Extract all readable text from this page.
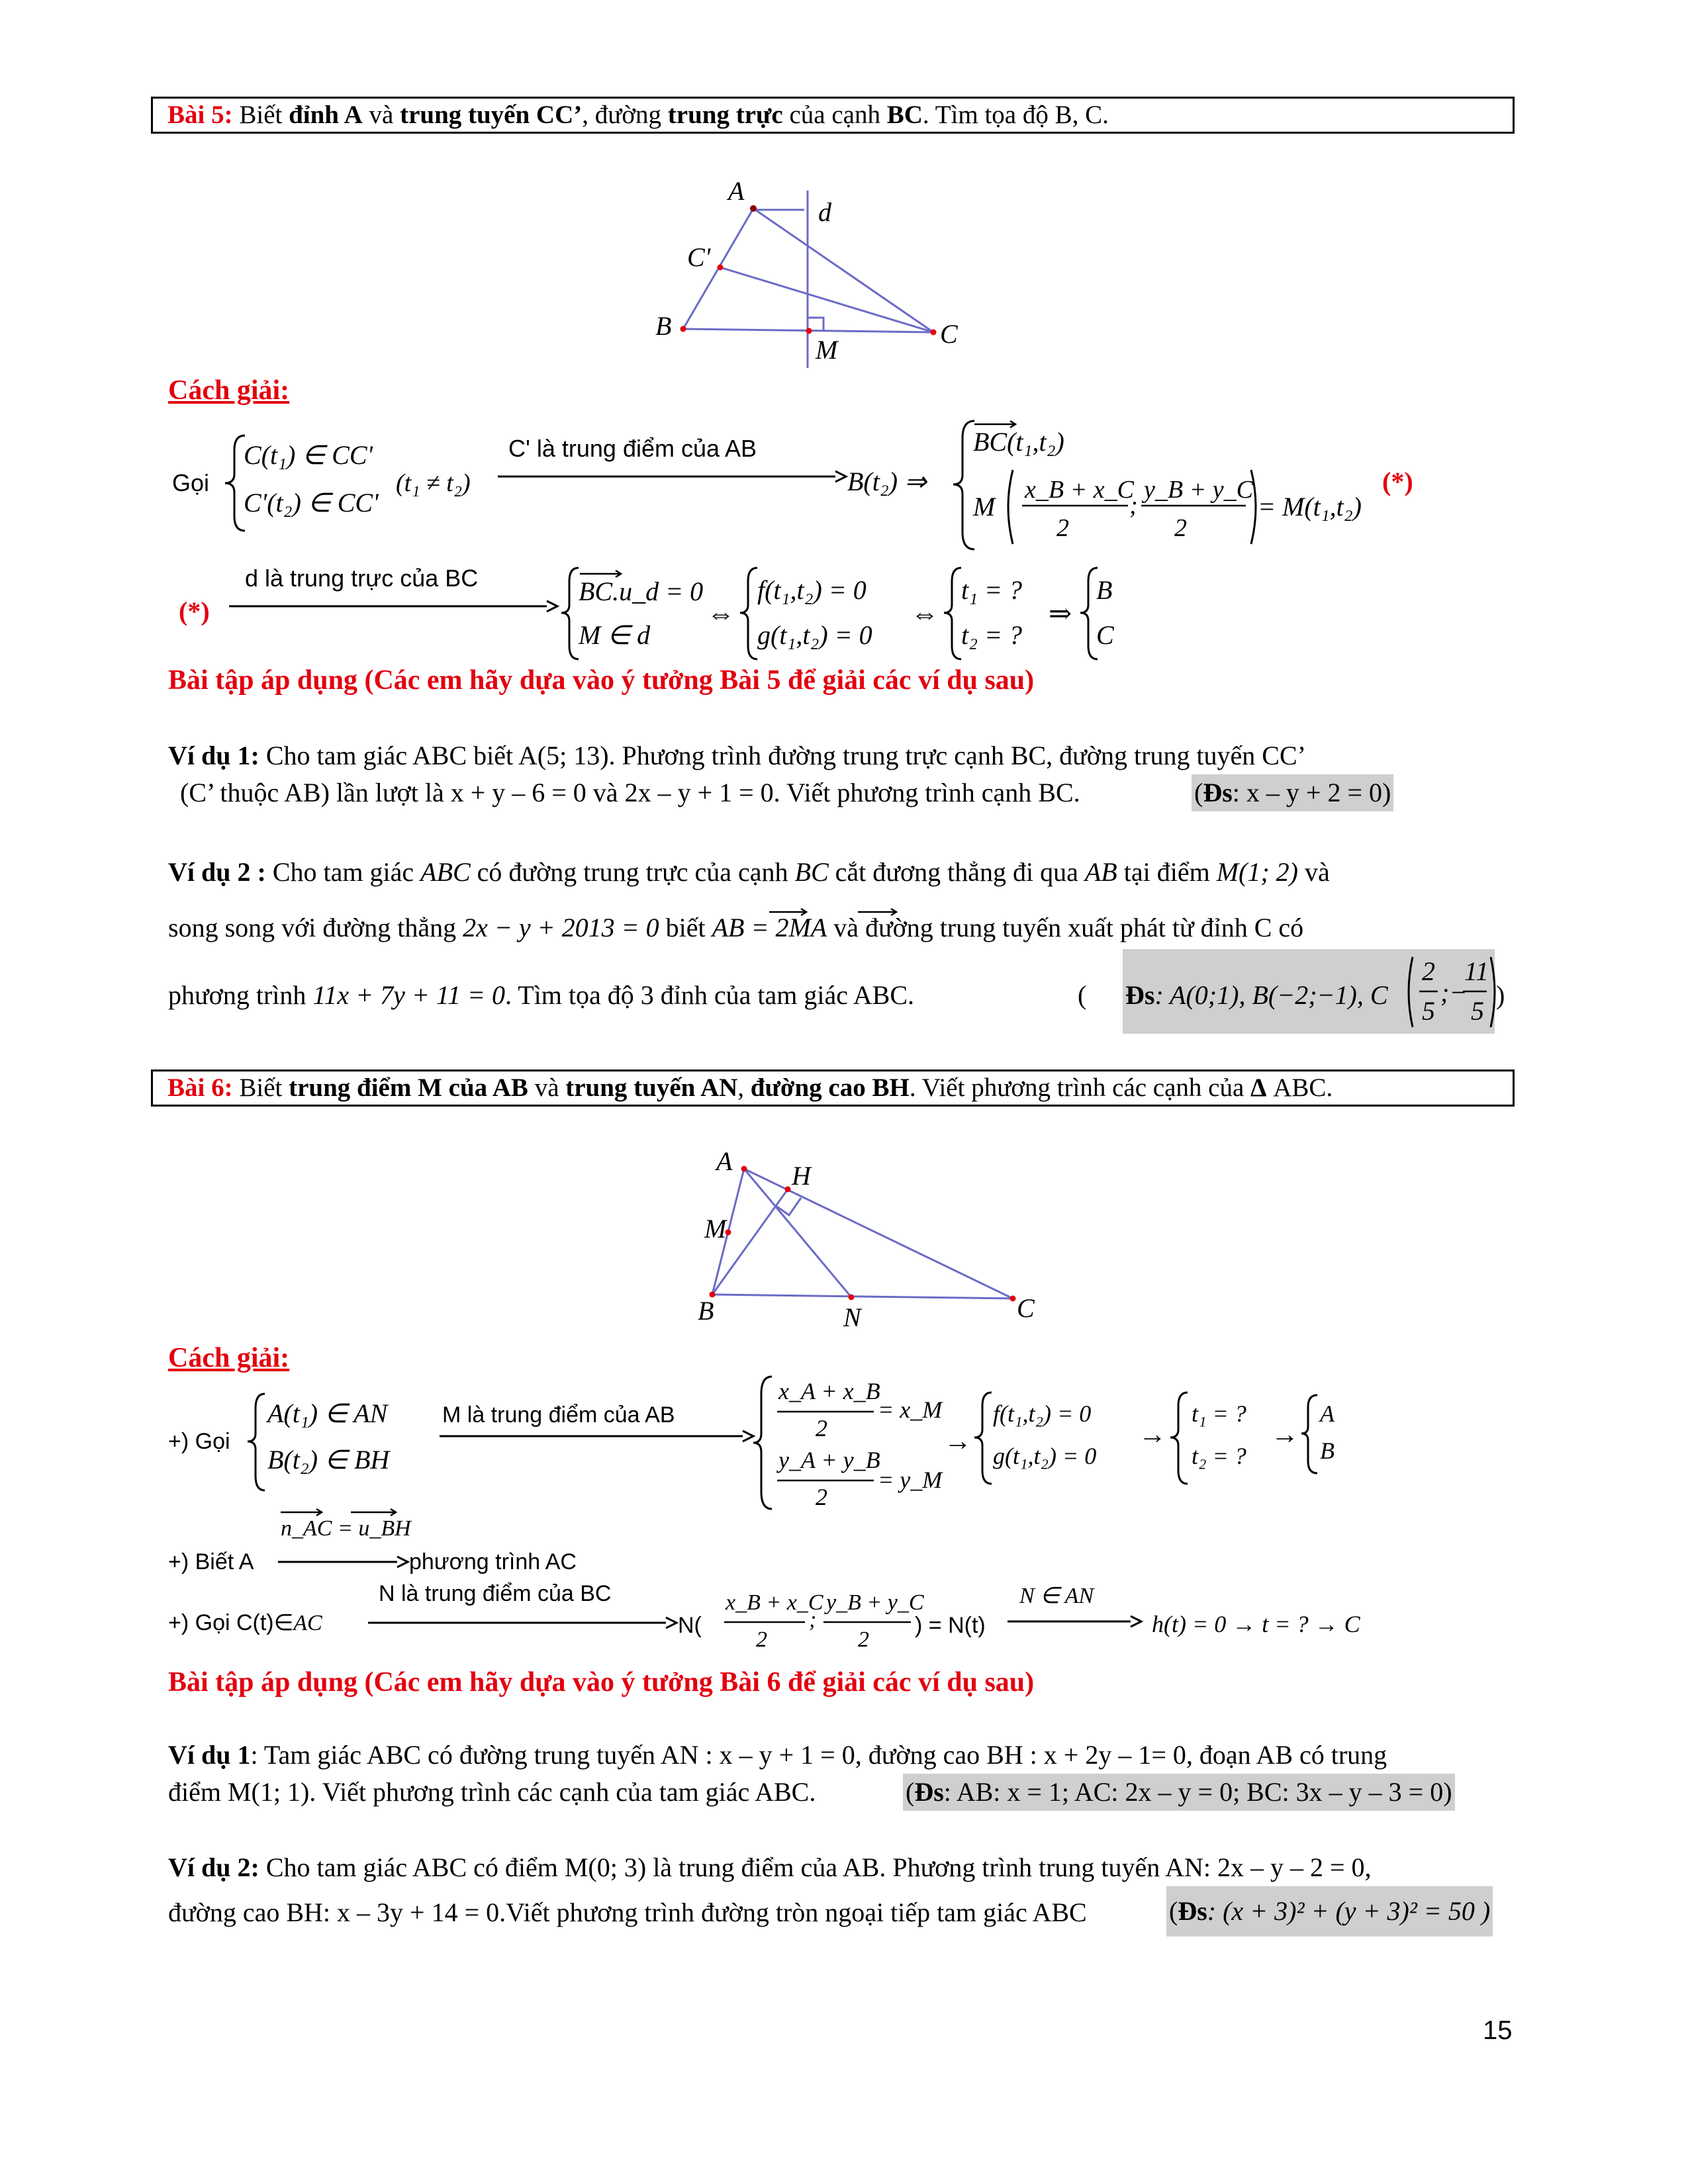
Bài 5: Biết đỉnh A và trung tuyến CC’, đường trung trực của cạnh BC. Tìm tọa độ B, C.
A
d
C'
B
M
C
Cách giải:
Gọi
C(t₁) ∈ CC'
C'(t₂) ∈ CC'
(t₁ ≠ t₂)
C' là trung điểm của AB
B(t₂) ⇒
BC(t₁,t₂)
M
x_B + x_C
2
;
y_B + y_C
2
= M(t₁,t₂)
(*)
(*)
d là trung trực của BC	BC.u_d = 0
M ∈ d
⇔
f(t₁,t₂) = 0
g(t₁,t₂) = 0
⇔
t₁ = ?
t₂ = ?
⇒
B
C
Bài tập áp dụng (Các em hãy dựa vào ý tưởng Bài 5 để giải các ví dụ sau)
Ví dụ 1: Cho tam giác ABC biết A(5; 13). Phương trình đường trung trực cạnh BC, đường trung tuyến CC’
(C’ thuộc AB) lần lượt là x + y – 6 = 0 và 2x – y + 1 = 0. Viết phương trình cạnh BC.	(Đs: x – y + 2 = 0)
Ví dụ 2 : Cho tam giác ABC có đường trung trực của cạnh BC cắt đương thẳng đi qua AB tại điểm M(1; 2) và
song song với đường thẳng 2x − y + 2013 = 0 biết AB = 2MA và đường trung tuyến xuất phát từ đỉnh C có
phương trình 11x + 7y + 11 = 0. Tìm tọa độ 3 đỉnh của tam giác ABC.	( Đs: A(0;1), B(−2;−1), C
2
5
;−
11
5
)
Bài 6: Biết trung điểm M của AB và trung tuyến AN, đường cao BH. Viết phương trình các cạnh của Δ ABC.
A H
M
B	N	C
Cách giải:
+) Gọi
A(t₁) ∈ AN
B(t₂) ∈ BH
M là trung điểm của AB
x_A + x_B
2
= x_M
y_A + y_B
2
= y_M
→
f(t₁,t₂) = 0
g(t₁,t₂) = 0
→
t₁ = ?
t₂ = ?
→
A
B
+) Biết A
n_AC = u_BH
phương trình AC
+) Gọi C(t)∈AC
N là trung điểm của BC
N(
x_B + x_C
2
;
y_B + y_C
2
) = N(t)
N ∈ AN
h(t) = 0 → t = ? → C
Bài tập áp dụng (Các em hãy dựa vào ý tưởng Bài 6 để giải các ví dụ sau)
Ví dụ 1: Tam giác ABC có đường trung tuyến AN : x – y + 1 = 0, đường cao BH : x + 2y – 1= 0, đoạn AB có trung
điểm M(1; 1). Viết phương trình các cạnh của tam giác ABC.	(Đs: AB: x = 1; AC: 2x – y = 0; BC: 3x – y – 3 = 0)
Ví dụ 2: Cho tam giác ABC có điểm M(0; 3) là trung điểm của AB. Phương trình trung tuyến AN: 2x – y – 2 = 0,
đường cao BH: x – 3y + 14 = 0.Viết phương trình đường tròn ngoại tiếp tam giác ABC	(Đs: (x + 3)² + (y + 3)² = 50 )
15
